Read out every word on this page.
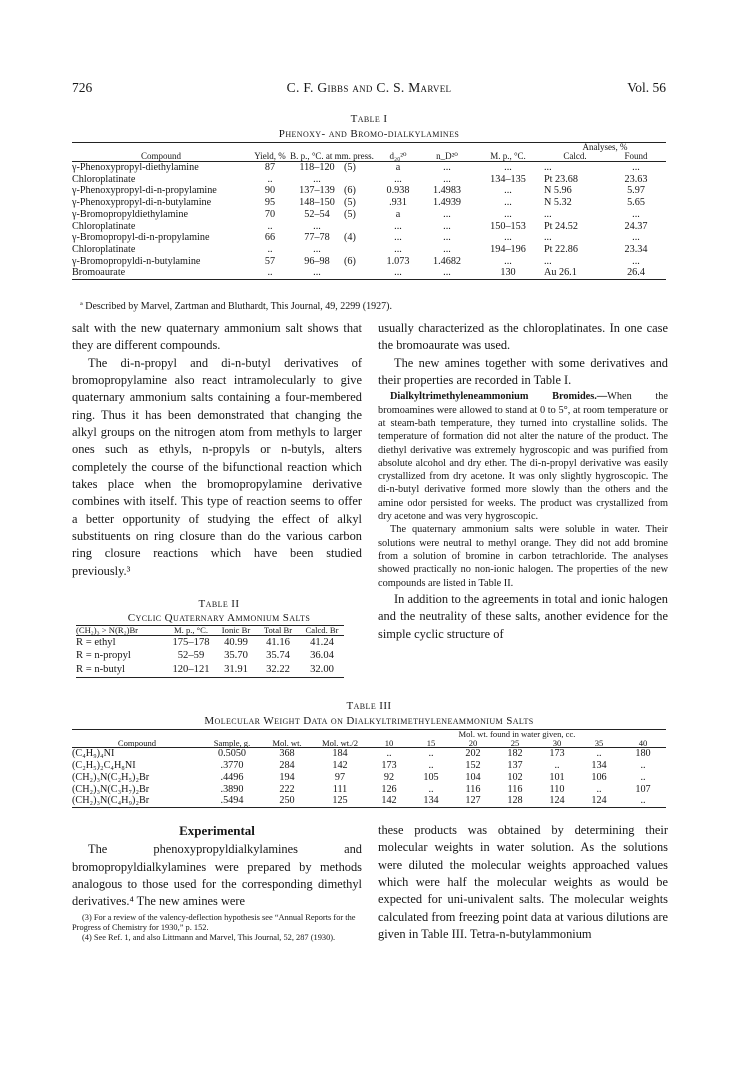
726	C. F. Gibbs and C. S. Marvel	Vol. 56
Table I
Phenoxy- and Bromo-dialkylamines
Compound	Yield, %	B. p., °C. at mm. press.		d₂₀²⁰	n_D²⁰	M. p., °C.	Analyses, %	
							Calcd.	Found
γ-Phenoxypropyl-diethylamine	87	118–120	(5)	a	...	...	...	...
Chloroplatinate	..	...		...	...	134–135	Pt 23.68	23.63
γ-Phenoxypropyl-di-n-propylamine	90	137–139	(6)	0.938	1.4983	...	N 5.96	5.97
γ-Phenoxypropyl-di-n-butylamine	95	148–150	(5)	.931	1.4939	...	N 5.32	5.65
γ-Bromopropyldiethylamine	70	52–54	(5)	a	...	...	...	...
Chloroplatinate	..	...		...	...	150–153	Pt 24.52	24.37
γ-Bromopropyl-di-n-propylamine	66	77–78	(4)	...	...	...	...	...
Chloroplatinate	..	...		...	...	194–196	Pt 22.86	23.34
γ-Bromopropyldi-n-butylamine	57	96–98	(6)	1.073	1.4682	...	...	...
Bromoaurate	..	...		...	...	130	Au 26.1	26.4
ª Described by Marvel, Zartman and Bluthardt, This Journal, 49, 2299 (1927).

salt with the new quaternary ammonium salt shows that they are different compounds.

The di-n-propyl and di-n-butyl derivatives of bromopropylamine also react intramolecularly to give quaternary ammonium salts containing a four-membered ring. Thus it has been demonstrated that changing the alkyl groups on the nitrogen atom from methyls to larger ones such as ethyls, n-propyls or n-butyls, alters completely the course of the bifunctional reaction which takes place when the bromopropylamine derivative combines with itself. This type of reaction seems to offer a better opportunity of studying the effect of alkyl substituents on ring closure than do the various carbon ring closure reactions which have been studied previously.³

Table II
Cyclic Quaternary Ammonium Salts
(CH₂)₃ > N(R₂)Br	M. p., °C.	Ionic Br	Total Br	Calcd. Br
R = ethyl	175–178	40.99	41.16	41.24
R = n-propyl	52–59	35.70	35.74	36.04
R = n-butyl	120–121	31.91	32.22	32.00

usually characterized as the chloroplatinates. In one case the bromoaurate was used.

The new amines together with some derivatives and their properties are recorded in Table I.

Dialkyltrimethyleneammonium Bromides.—When the bromoamines were allowed to stand at 0 to 5°, at room temperature or at steam-bath temperature, they turned into crystalline solids. The temperature of formation did not alter the nature of the product. The diethyl derivative was extremely hygroscopic and was purified from absolute alcohol and dry ether. The di-n-propyl derivative was easily crystallized from dry acetone. It was only slightly hygroscopic. The di-n-butyl derivative formed more slowly than the others and the amine odor persisted for weeks. The product was crystallized from dry acetone and was very hygroscopic.

The quaternary ammonium salts were soluble in water. Their solutions were neutral to methyl orange. They did not add bromine from a solution of bromine in carbon tetrachloride. The analyses showed practically no non-ionic halogen. The properties of the new compounds are listed in Table II.

In addition to the agreements in total and ionic halogen and the neutrality of these salts, another evidence for the simple cyclic structure of

Table III
Molecular Weight Data on Dialkyltrimethyleneammonium Salts
Compound	Sample, g.	Mol. wt.	Mol. wt./2	Mol. wt. found in water given, cc.						
				10	15	20	25	30	35	40
(C₄H₉)₄NI	0.5050	368	184	..	..	202	182	173	..	180
(C₂H₅)₂C₄H₈NI	.3770	284	142	173	..	152	137	..	134	..
(CH₂)₃N(C₂H₅)₂Br	.4496	194	97	92	105	104	102	101	106	..
(CH₂)₃N(C₃H₇)₂Br	.3890	222	111	126	..	116	116	110	..	107
(CH₂)₃N(C₄H₉)₂Br	.5494	250	125	142	134	127	128	124	124	..
Experimental

The phenoxypropyldialkylamines and bromopropyldialkylamines were prepared by methods analogous to those used for the corresponding dimethyl derivatives.⁴ The new amines were

(3) For a review of the valency-deflection hypothesis see “Annual Reports for the Progress of Chemistry for 1930,” p. 152.

(4) See Ref. 1, and also Littmann and Marvel, This Journal, 52, 287 (1930).

these products was obtained by determining their molecular weights in water solution. As the solutions were diluted the molecular weights approached values which were half the molecular weights as would be expected for uni-univalent salts. The molecular weights calculated from freezing point data at various dilutions are given in Table III. Tetra-n-butylammonium
